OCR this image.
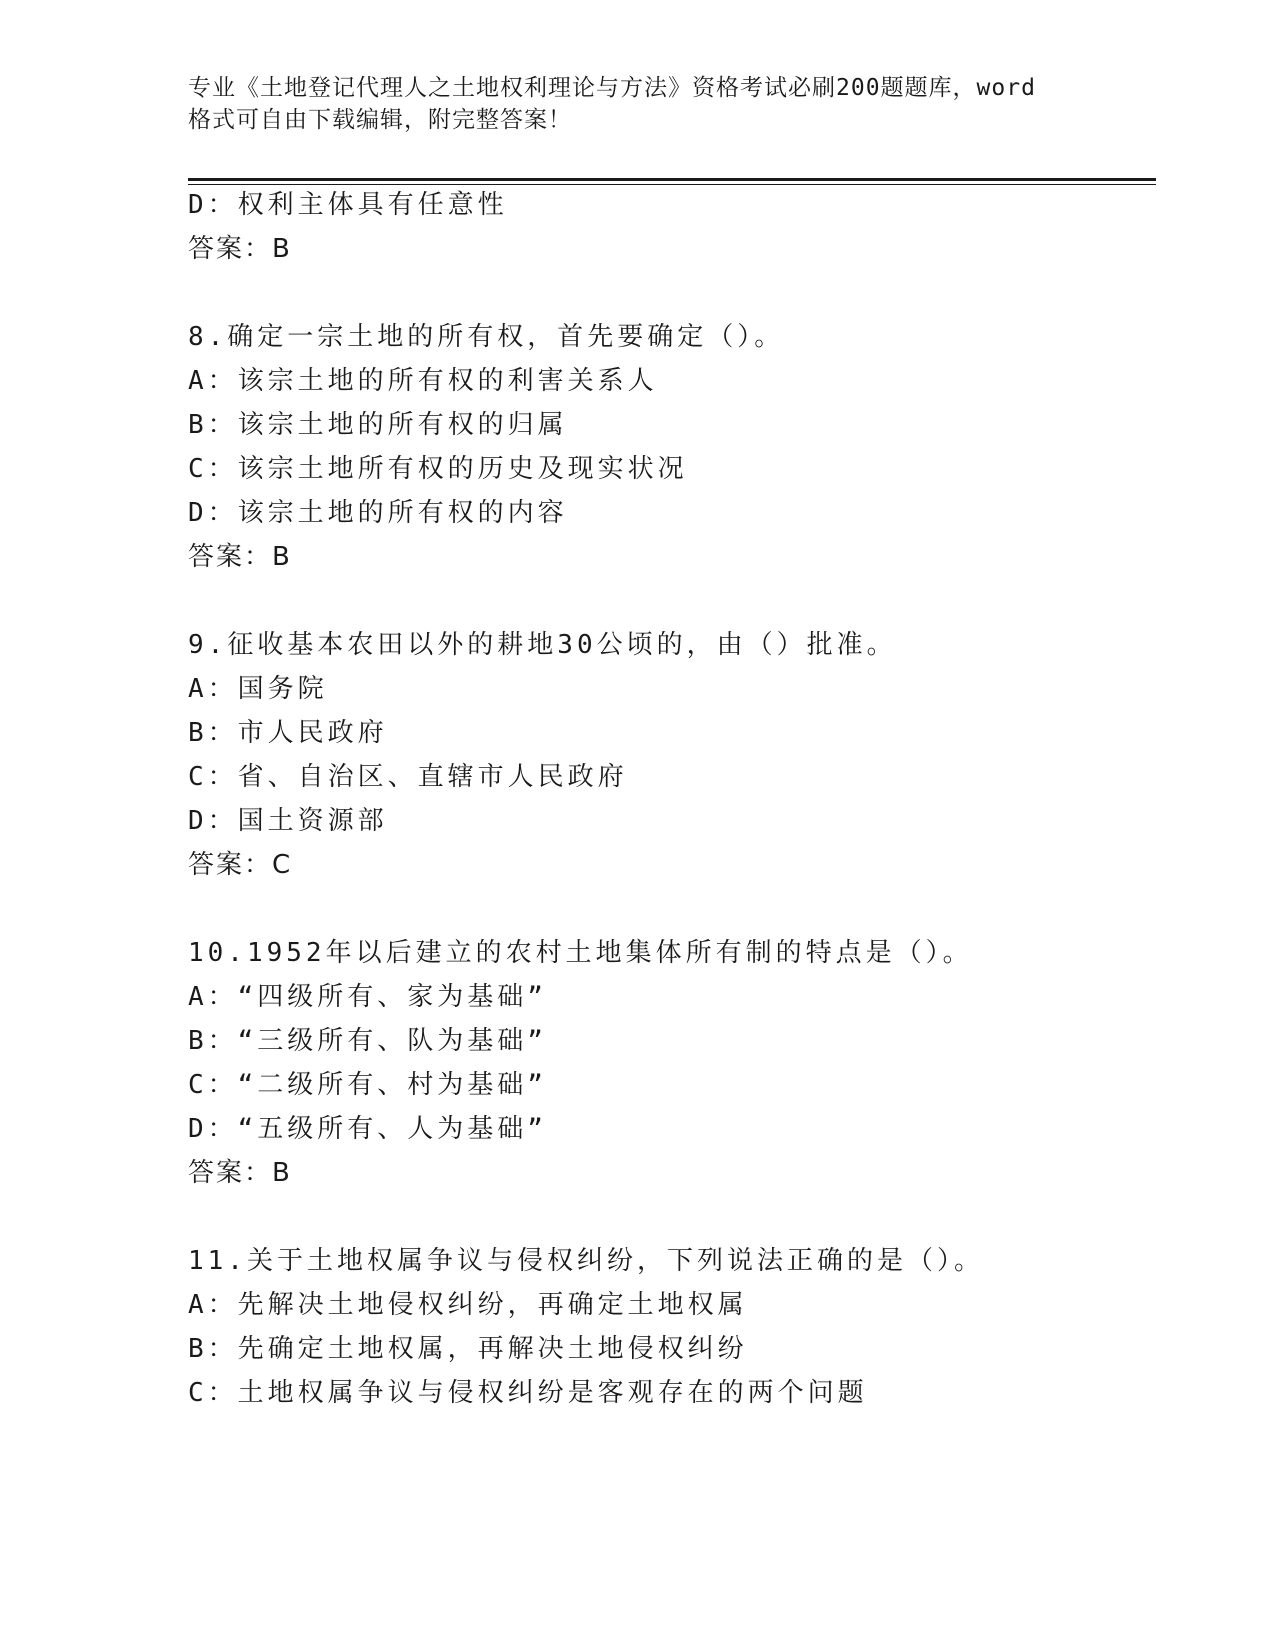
专业《土地登记代理人之土地权利理论与方法》资格考试必刷200题题库，word
格式可自由下载编辑，附完整答案！
D：权利主体具有任意性
答案：B
8.确定一宗土地的所有权，首先要确定（）。
A：该宗土地的所有权的利害关系人
B：该宗土地的所有权的归属
C：该宗土地所有权的历史及现实状况
D：该宗土地的所有权的内容
答案：B
9.征收基本农田以外的耕地30公顷的，由（）批准。
A：国务院
B：市人民政府
C：省、自治区、直辖市人民政府
D：国土资源部
答案：C
10.1952年以后建立的农村土地集体所有制的特点是（）。
A：“四级所有、家为基础”
B：“三级所有、队为基础”
C：“二级所有、村为基础”
D：“五级所有、人为基础”
答案：B
11.关于土地权属争议与侵权纠纷，下列说法正确的是（）。
A：先解决土地侵权纠纷，再确定土地权属
B：先确定土地权属，再解决土地侵权纠纷
C：土地权属争议与侵权纠纷是客观存在的两个问题
